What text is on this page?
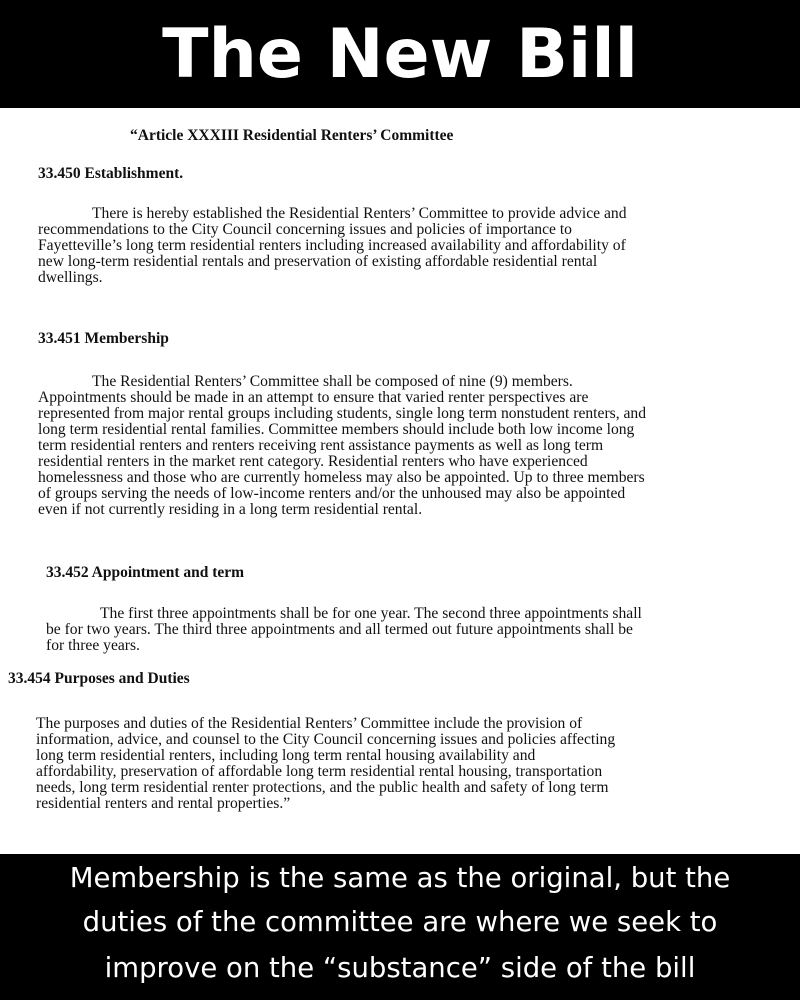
The New Bill

“Article XXXIII Residential Renters’ Committee

33.450 Establishment.

There is hereby established the Residential Renters’ Committee to provide advice and
recommendations to the City Council concerning issues and policies of importance to
Fayetteville’s long term residential renters including increased availability and affordability of
new long-term residential rentals and preservation of existing affordable residential rental
dwellings.

33.451 Membership

The Residential Renters’ Committee shall be composed of nine (9) members.
Appointments should be made in an attempt to ensure that varied renter perspectives are
represented from major rental groups including students, single long term nonstudent renters, and
long term residential rental families. Committee members should include both low income long
term residential renters and renters receiving rent assistance payments as well as long term
residential renters in the market rent category. Residential renters who have experienced
homelessness and those who are currently homeless may also be appointed. Up to three members
of groups serving the needs of low-income renters and/or the unhoused may also be appointed
even if not currently residing in a long term residential rental.

33.452 Appointment and term

The first three appointments shall be for one year. The second three appointments shall
be for two years. The third three appointments and all termed out future appointments shall be
for three years.

33.454 Purposes and Duties

The purposes and duties of the Residential Renters’ Committee include the provision of
information, advice, and counsel to the City Council concerning issues and policies affecting
long term residential renters, including long term rental housing availability and
affordability, preservation of affordable long term residential rental housing, transportation
needs, long term residential renter protections, and the public health and safety of long term
residential renters and rental properties.”
Membership is the same as the original, but the
duties of the committee are where we seek to
improve on the “substance” side of the bill
